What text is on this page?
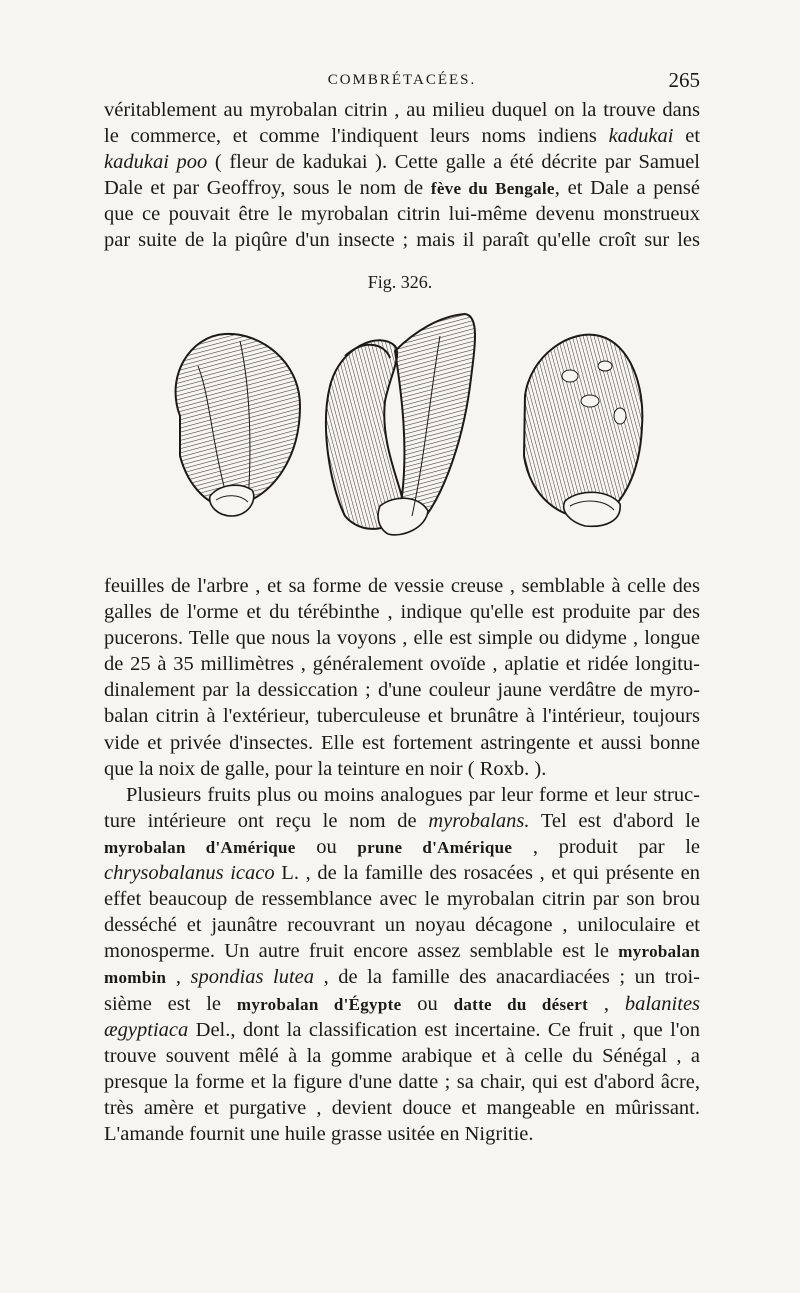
COMBRÉTACÉES.	265
véritablement au myrobalan citrin , au milieu duquel on la trouve dans
le commerce, et comme l'indiquent leurs noms indiens kadukai et
kadukai poo ( fleur de kadukai ). Cette galle a été décrite par Samuel
Dale et par Geoffroy, sous le nom de fève du Bengale, et Dale a pensé
que ce pouvait être le myrobalan citrin lui-même devenu monstrueux
par suite de la piqûre d'un insecte ; mais il paraît qu'elle croît sur les
Fig. 326.
feuilles de l'arbre , et sa forme de vessie creuse , semblable à celle des
galles de l'orme et du térébinthe , indique qu'elle est produite par des
pucerons. Telle que nous la voyons , elle est simple ou didyme , longue
de 25 à 35 millimètres , généralement ovoïde , aplatie et ridée longitu-
dinalement par la dessiccation ; d'une couleur jaune verdâtre de myro-
balan citrin à l'extérieur, tuberculeuse et brunâtre à l'intérieur, toujours
vide et privée d'insectes. Elle est fortement astringente et aussi bonne
que la noix de galle, pour la teinture en noir ( Roxb. ).
Plusieurs fruits plus ou moins analogues par leur forme et leur struc-
ture intérieure ont reçu le nom de myrobalans. Tel est d'abord le
myrobalan d'Amérique ou prune d'Amérique , produit par le
chrysobalanus icaco L. , de la famille des rosacées , et qui présente en
effet beaucoup de ressemblance avec le myrobalan citrin par son brou
desséché et jaunâtre recouvrant un noyau décagone , uniloculaire et
monosperme. Un autre fruit encore assez semblable est le myrobalan
mombin , spondias lutea , de la famille des anacardiacées ; un troi-
sième est le myrobalan d'Égypte ou datte du désert , balanites
ægyptiaca Del., dont la classification est incertaine. Ce fruit , que l'on
trouve souvent mêlé à la gomme arabique et à celle du Sénégal , a
presque la forme et la figure d'une datte ; sa chair, qui est d'abord âcre,
très amère et purgative , devient douce et mangeable en mûrissant.
L'amande fournit une huile grasse usitée en Nigritie.
